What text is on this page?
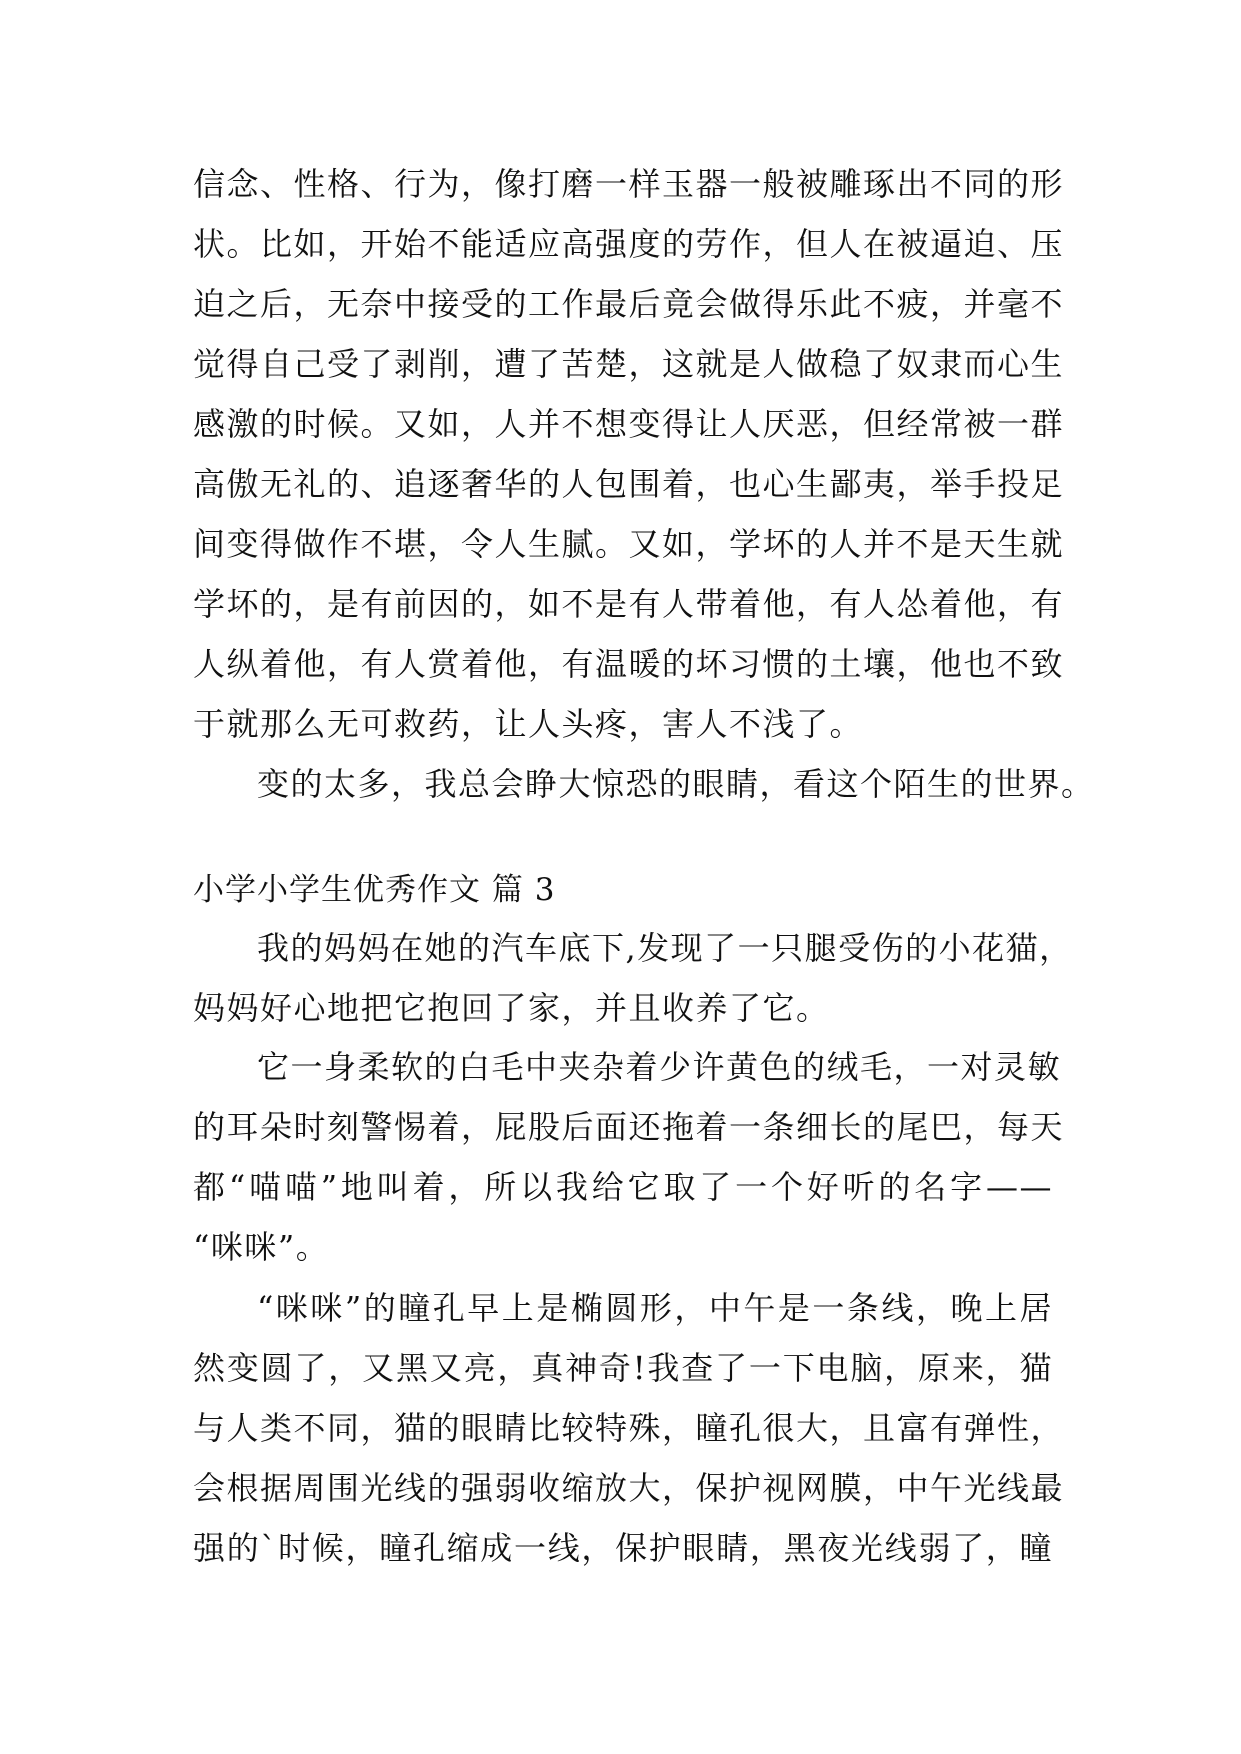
信念、性格、行为，像打磨一样玉器一般被雕琢出不同的形
状。比如，开始不能适应高强度的劳作，但人在被逼迫、压
迫之后，无奈中接受的工作最后竟会做得乐此不疲，并毫不
觉得自己受了剥削，遭了苦楚，这就是人做稳了奴隶而心生
感激的时候。又如，人并不想变得让人厌恶，但经常被一群
高傲无礼的、追逐奢华的人包围着，也心生鄙夷，举手投足
间变得做作不堪，令人生腻。又如，学坏的人并不是天生就
学坏的，是有前因的，如不是有人带着他，有人怂着他，有
人纵着他，有人赏着他，有温暖的坏习惯的土壤，他也不致
于就那么无可救药，让人头疼，害人不浅了。
变的太多，我总会睁大惊恐的眼睛，看这个陌生的世界。
小学小学生优秀作文 篇 3
我的妈妈在她的汽车底下,发现了一只腿受伤的小花猫，
妈妈好心地把它抱回了家，并且收养了它。
它一身柔软的白毛中夹杂着少许黄色的绒毛，一对灵敏
的耳朵时刻警惕着，屁股后面还拖着一条细长的尾巴，每天
都“喵喵”地叫着，所以我给它取了一个好听的名字——
“咪咪”。
“咪咪”的瞳孔早上是椭圆形，中午是一条线，晚上居
然变圆了，又黑又亮，真神奇!我查了一下电脑，原来，猫
与人类不同，猫的眼睛比较特殊，瞳孔很大，且富有弹性，
会根据周围光线的强弱收缩放大，保护视网膜，中午光线最
强的`时候，瞳孔缩成一线，保护眼睛，黑夜光线弱了，瞳
